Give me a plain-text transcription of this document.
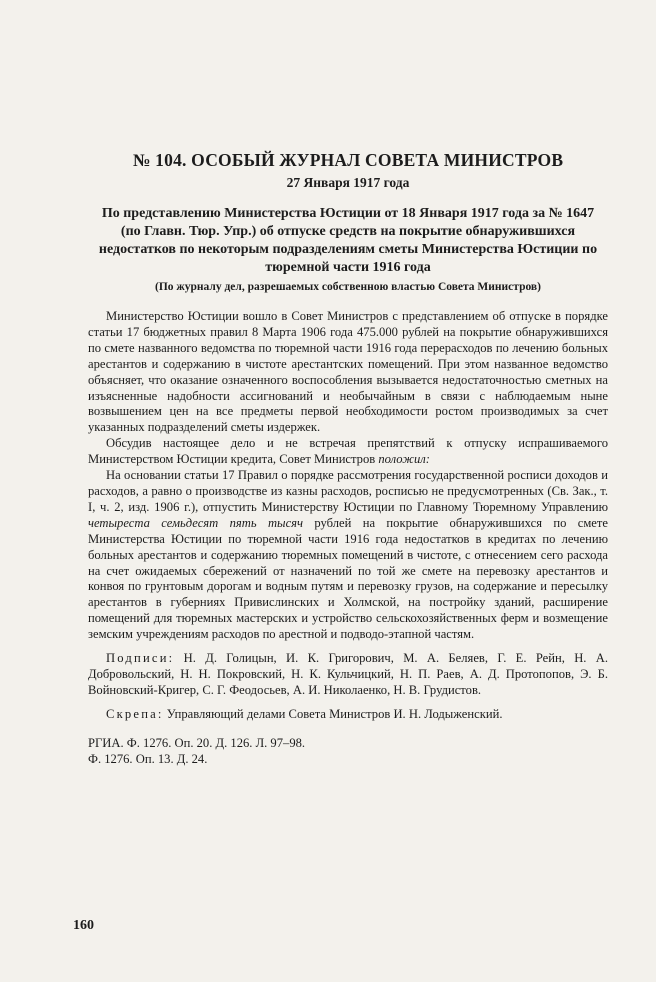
№ 104. ОСОБЫЙ ЖУРНАЛ СОВЕТА МИНИСТРОВ
27 Января 1917 года
По представлению Министерства Юстиции от 18 Января 1917 года за № 1647 (по Главн. Тюр. Упр.) об отпуске средств на покрытие обнаружившихся недостатков по некоторым подразделениям сметы Министерства Юстиции по тюремной части 1916 года
(По журналу дел, разрешаемых собственною властью Совета Министров)

Министерство Юстиции вошло в Совет Министров с представлением об отпуске в порядке статьи 17 бюджетных правил 8 Марта 1906 года 475.000 рублей на покрытие обнаружившихся по смете названного ведомства по тюремной части 1916 года перерасходов по лечению больных арестантов и содержанию в чистоте арестантских помещений. При этом названное ведомство объясняет, что оказание означенного воспособления вызывается недостаточностью сметных на изъясненные надобности ассигнований и необычайным в связи с наблюдаемым ныне возвышением цен на все предметы первой необходимости ростом производимых за счет указанных подразделений сметы издержек.

Обсудив настоящее дело и не встречая препятствий к отпуску испрашиваемого Министерством Юстиции кредита, Совет Министров положил:

На основании статьи 17 Правил о порядке рассмотрения государственной росписи доходов и расходов, а равно о производстве из казны расходов, росписью не предусмотренных (Св. Зак., т. I, ч. 2, изд. 1906 г.), отпустить Министерству Юстиции по Главному Тюремному Управлению четыреста семьдесят пять тысяч рублей на покрытие обнаружившихся по смете Министерства Юстиции по тюремной части 1916 года недостатков в кредитах по лечению больных арестантов и содержанию тюремных помещений в чистоте, с отнесением сего расхода на счет ожидаемых сбережений от назначений по той же смете на перевозку арестантов и конвоя по грунтовым дорогам и водным путям и перевозку грузов, на содержание и пересылку арестантов в губерниях Привислинских и Холмской, на постройку зданий, расширение помещений для тюремных мастерских и устройство сельскохозяйственных ферм и возмещение земским учреждениям расходов по арестной и подводо-этапной частям.

Подписи: Н. Д. Голицын, И. К. Григорович, М. А. Беляев, Г. Е. Рейн, Н. А. Добровольский, Н. Н. Покровский, Н. К. Кульчицкий, Н. П. Раев, А. Д. Протопопов, Э. Б. Войновский-Кригер, С. Г. Феодосьев, А. И. Николаенко, Н. В. Грудистов.

Скрепа: Управляющий делами Совета Министров И. Н. Лодыженский.

РГИА. Ф. 1276. Оп. 20. Д. 126. Л. 97–98.
Ф. 1276. Оп. 13. Д. 24.
160
